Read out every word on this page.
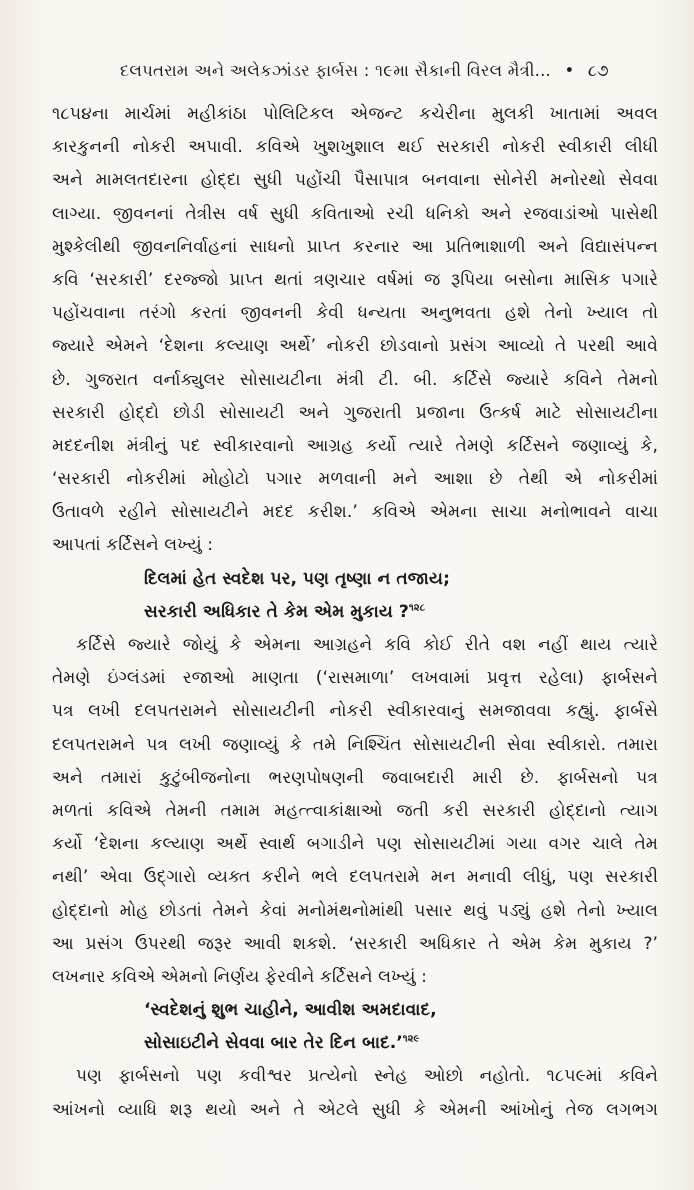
દલપતરામ અને અલેકઝાંડર ફાર્બસ : ૧૯મા સૈકાની વિરલ મૈત્રી... • ૮૭
૧૮૫૪ના માર્ચમાં મહીકાંઠા પોલિટિકલ એજન્ટ કચેરીના મુલકી ખાતામાં અવલ
કારકુનની નોકરી અપાવી. કવિએ ખુશખુશાલ થઈ સરકારી નોકરી સ્વીકારી લીધી
અને મામલતદારના હોદ્દા સુધી પહોંચી પૈસાપાત્ર બનવાના સોનેરી મનોરથો સેવવા
લાગ્યા. જીવનનાં તેત્રીસ વર્ષ સુધી કવિતાઓ રચી ધનિકો અને રજવાડાંઓ પાસેથી
મુશ્કેલીથી જીવનનિર્વાહનાં સાધનો પ્રાપ્ત કરનાર આ પ્રતિભાશાળી અને વિદ્યાસંપન્ન
કવિ ‘સરકારી’ દરજ્જો પ્રાપ્ત થતાં ત્રણચાર વર્ષમાં જ રૂપિયા બસોના માસિક પગારે
પહોંચવાના તરંગો કરતાં જીવનની કેવી ધન્યતા અનુભવતા હશે તેનો ખ્યાલ તો
જ્યારે એમને ‘દેશના કલ્યાણ અર્થે’ નોકરી છોડવાનો પ્રસંગ આવ્યો તે પરથી આવે
છે. ગુજરાત વર્નાક્યુલર સોસાયટીના મંત્રી ટી. બી. કર્ટિસે જ્યારે કવિને તેમનો
સરકારી હોદ્દો છોડી સોસાયટી અને ગુજરાતી પ્રજાના ઉત્કર્ષ માટે સોસાયટીના
મદદનીશ મંત્રીનું પદ સ્વીકારવાનો આગ્રહ કર્યો ત્યારે તેમણે કર્ટિસને જણાવ્યું કે,
‘સરકારી નોકરીમાં મોહોટો પગાર મળવાની મને આશા છે તેથી એ નોકરીમાં
ઉતાવળે રહીને સોસાયટીને મદદ કરીશ.’ કવિએ એમના સાચા મનોભાવને વાચા
આપતાં કર્ટિસને લખ્યું :
દિલમાં હેત સ્વદેશ પર, પણ તૃષ્ણા ન તજાય;
સરકારી અધિકાર તે કેમ એમ મુકાય ?$^{૧૨૮}$
કર્ટિસે જ્યારે જોયું કે એમના આગ્રહને કવિ કોઈ રીતે વશ નહીં થાય ત્યારે
તેમણે ઇંગ્લંડમાં રજાઓ માણતા (‘રાસમાળા’ લખવામાં પ્રવૃત્ત રહેલા) ફાર્બસને
પત્ર લખી દલપતરામને સોસાયટીની નોકરી સ્વીકારવાનું સમજાવવા કહ્યું. ફાર્બસે
દલપતરામને પત્ર લખી જણાવ્યું કે તમે નિશ્ચિંત સોસાયટીની સેવા સ્વીકારો. તમારા
અને તમારાં કુટુંબીજનોના ભરણપોષણની જવાબદારી મારી છે. ફાર્બસનો પત્ર
મળતાં કવિએ તેમની તમામ મહત્ત્વાકાંક્ષાઓ જતી કરી સરકારી હોદ્દાનો ત્યાગ
કર્યો ‘દેશના કલ્યાણ અર્થે સ્વાર્થ બગાડીને પણ સોસાયટીમાં ગયા વગર ચાલે તેમ
નથી’ એવા ઉદ્‌ગારો વ્યક્ત કરીને ભલે દલપતરામે મન મનાવી લીધું, પણ સરકારી
હોદ્દાનો મોહ છોડતાં તેમને કેવાં મનોમંથનોમાંથી પસાર થવું પડ્યું હશે તેનો ખ્યાલ
આ પ્રસંગ ઉપરથી જરૂર આવી શકશે. ‘સરકારી અધિકાર તે એમ કેમ મુકાય ?’
લખનાર કવિએ એમનો નિર્ણય ફેરવીને કર્ટિસને લખ્યું :
‘સ્વદેશનું શુભ ચાહીને, આવીશ અમદાવાદ,
સોસાઇટીને સેવવા બાર તેર દિન બાદ.’$^{૧૨૯}$
પણ ફાર્બસનો પણ કવીશ્વર પ્રત્યેનો સ્નેહ ઓછો નહોતો. ૧૮૫૯માં કવિને
આંખનો વ્યાધિ શરૂ થયો અને તે એટલે સુધી કે એમની આંખોનું તેજ લગભગ
